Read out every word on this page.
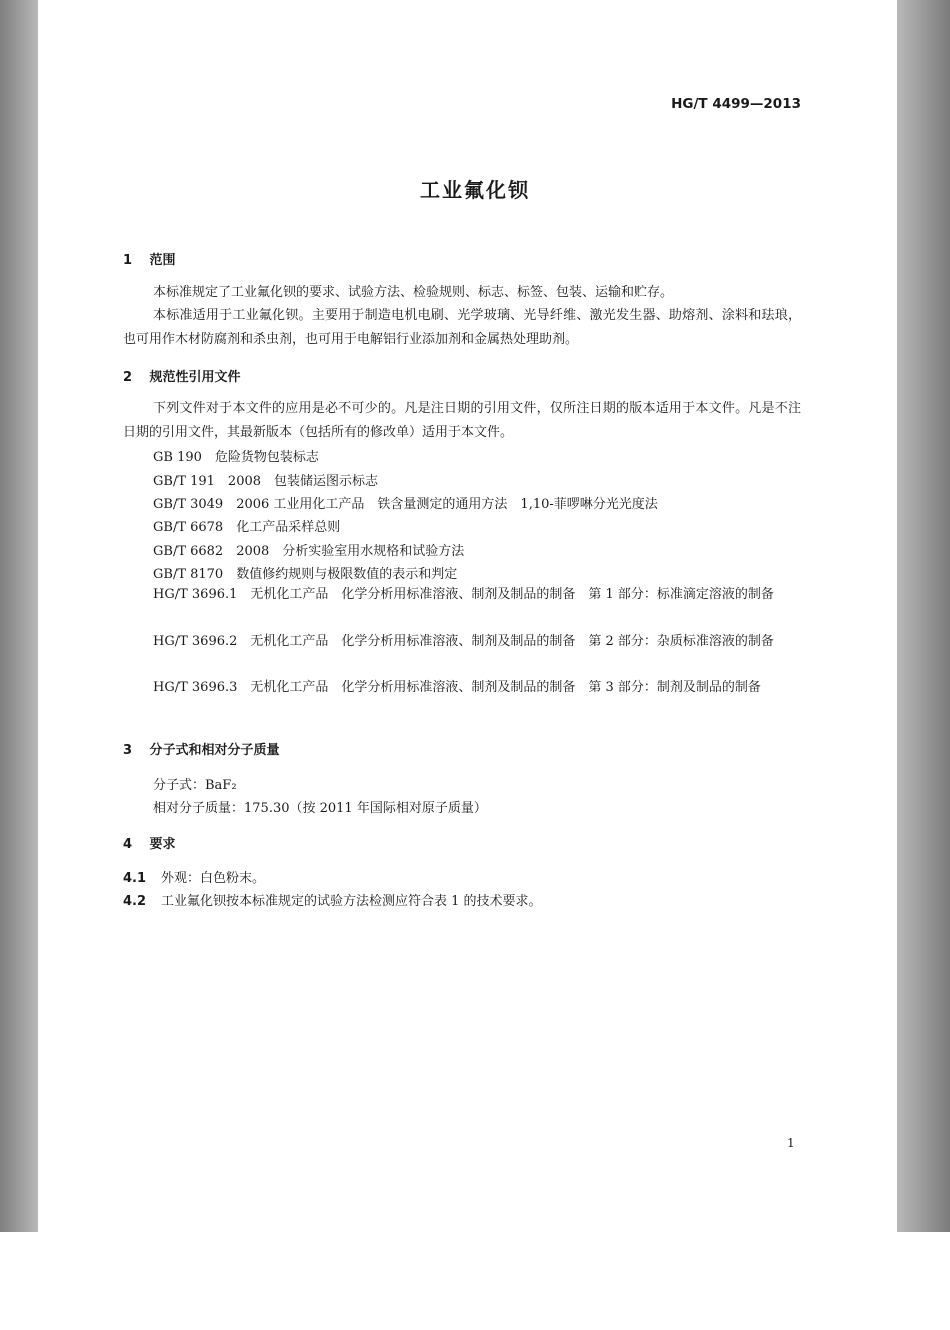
HG/T 4499—2013
工业氟化钡
1 范围
本标准规定了工业氟化钡的要求、试验方法、检验规则、标志、标签、包装、运输和贮存。
本标准适用于工业氟化钡。主要用于制造电机电刷、光学玻璃、光导纤维、激光发生器、助熔剂、涂料和珐琅，也可用作木材防腐剂和杀虫剂，也可用于电解铝行业添加剂和金属热处理助剂。
2 规范性引用文件
下列文件对于本文件的应用是必不可少的。凡是注日期的引用文件，仅所注日期的版本适用于本文件。凡是不注日期的引用文件，其最新版本（包括所有的修改单）适用于本文件。
GB 190　危险货物包装标志
GB/T 191　2008　包装储运图示标志
GB/T 3049　2006 工业用化工产品　铁含量测定的通用方法　1,10-菲啰啉分光光度法
GB/T 6678　化工产品采样总则
GB/T 6682　2008　分析实验室用水规格和试验方法
GB/T 8170　数值修约规则与极限数值的表示和判定
HG/T 3696.1　无机化工产品　化学分析用标准溶液、制剂及制品的制备　第 1 部分：标准滴定溶液的制备
HG/T 3696.2　无机化工产品　化学分析用标准溶液、制剂及制品的制备　第 2 部分：杂质标准溶液的制备
HG/T 3696.3　无机化工产品　化学分析用标准溶液、制剂及制品的制备　第 3 部分：制剂及制品的制备
3 分子式和相对分子质量
分子式：BaF₂
相对分子质量：175.30（按 2011 年国际相对原子质量）
4 要求
4.1 外观：白色粉末。
4.2 工业氟化钡按本标准规定的试验方法检测应符合表 1 的技术要求。
1
